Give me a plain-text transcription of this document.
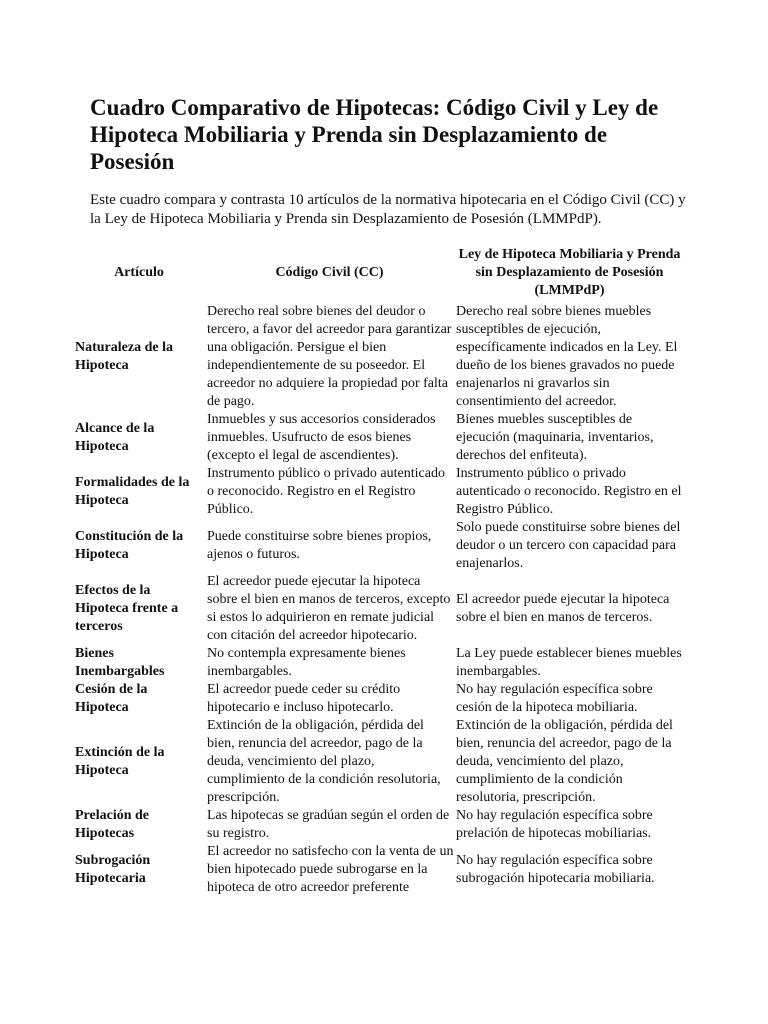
Cuadro Comparativo de Hipotecas: Código Civil y Ley de Hipoteca Mobiliaria y Prenda sin Desplazamiento de Posesión

Este cuadro compara y contrasta 10 artículos de la normativa hipotecaria en el Código Civil (CC) y la Ley de Hipoteca Mobiliaria y Prenda sin Desplazamiento de Posesión (LMMPdP).

Artículo	Código Civil (CC)	Ley de Hipoteca Mobiliaria y Prenda sin Desplazamiento de Posesión (LMMPdP)
Naturaleza de la Hipoteca	Derecho real sobre bienes del deudor o tercero, a favor del acreedor para garantizar una obligación. Persigue el bien independientemente de su poseedor. El acreedor no adquiere la propiedad por falta de pago.	Derecho real sobre bienes muebles susceptibles de ejecución, específicamente indicados en la Ley. El dueño de los bienes gravados no puede enajenarlos ni gravarlos sin consentimiento del acreedor.
Alcance de la Hipoteca	Inmuebles y sus accesorios considerados inmuebles. Usufructo de esos bienes (excepto el legal de ascendientes).	Bienes muebles susceptibles de ejecución (maquinaria, inventarios, derechos del enfiteuta).
Formalidades de la Hipoteca	Instrumento público o privado autenticado o reconocido. Registro en el Registro Público.	Instrumento público o privado autenticado o reconocido. Registro en el Registro Público.
Constitución de la Hipoteca	Puede constituirse sobre bienes propios, ajenos o futuros.	Solo puede constituirse sobre bienes del deudor o un tercero con capacidad para enajenarlos.
Efectos de la Hipoteca frente a terceros	El acreedor puede ejecutar la hipoteca sobre el bien en manos de terceros, excepto si estos lo adquirieron en remate judicial con citación del acreedor hipotecario.	El acreedor puede ejecutar la hipoteca sobre el bien en manos de terceros.
Bienes Inembargables	No contempla expresamente bienes inembargables.	La Ley puede establecer bienes muebles inembargables.
Cesión de la Hipoteca	El acreedor puede ceder su crédito hipotecario e incluso hipotecarlo.	No hay regulación específica sobre cesión de la hipoteca mobiliaria.
Extinción de la Hipoteca	Extinción de la obligación, pérdida del bien, renuncia del acreedor, pago de la deuda, vencimiento del plazo, cumplimiento de la condición resolutoria, prescripción.	Extinción de la obligación, pérdida del bien, renuncia del acreedor, pago de la deuda, vencimiento del plazo, cumplimiento de la condición resolutoria, prescripción.
Prelación de Hipotecas	Las hipotecas se gradúan según el orden de su registro.	No hay regulación específica sobre prelación de hipotecas mobiliarias.
Subrogación Hipotecaria	El acreedor no satisfecho con la venta de un bien hipotecado puede subrogarse en la hipoteca de otro acreedor preferente	No hay regulación específica sobre subrogación hipotecaria mobiliaria.
